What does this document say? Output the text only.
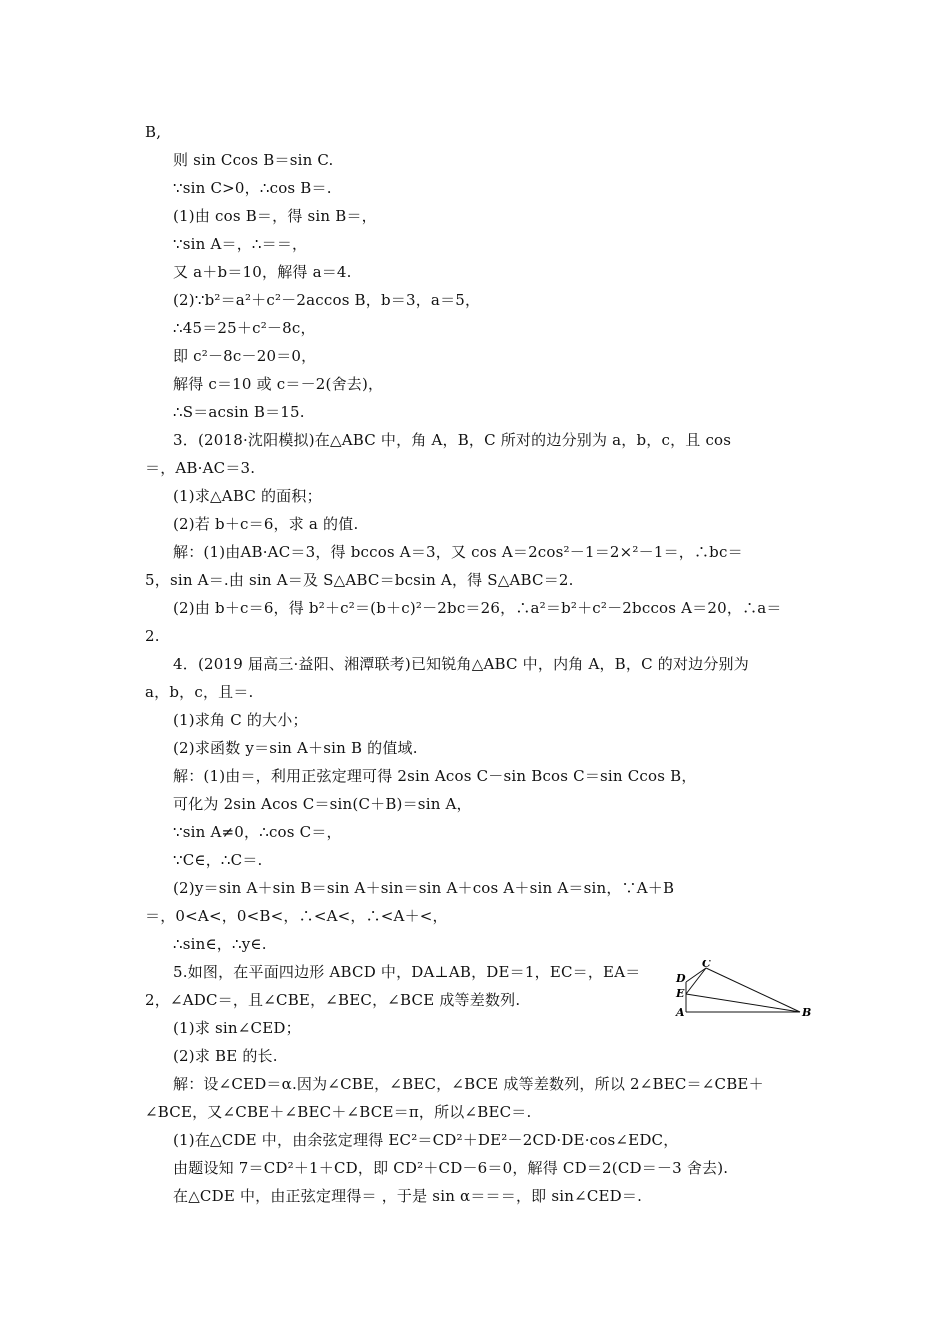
B,
则 sin Ccos B＝sin C.
∵sin C>0，∴cos B＝.
(1)由 cos B＝，得 sin B＝，
∵sin A＝，∴＝＝，
又 a＋b＝10，解得 a＝4.
(2)∵b²＝a²＋c²－2accos B，b＝3，a＝5，
∴45＝25＋c²－8c，
即 c²－8c－20＝0，
解得 c＝10 或 c＝－2(舍去)，
∴S＝acsin B＝15.
3．(2018·沈阳模拟)在△ABC 中，角 A，B，C 所对的边分别为 a，b，c，且 cos
＝，AB·AC＝3.
(1)求△ABC 的面积；
(2)若 b＋c＝6，求 a 的值.
解：(1)由AB·AC＝3，得 bccos A＝3，又 cos A＝2cos²－1＝2×²－1＝，∴bc＝
5，sin A＝.由 sin A＝及 S△ABC＝bcsin A，得 S△ABC＝2.
(2)由 b＋c＝6，得 b²＋c²＝(b＋c)²－2bc＝26，∴a²＝b²＋c²－2bccos A＝20，∴a＝
2.
4．(2019 届高三·益阳、湘潭联考)已知锐角△ABC 中，内角 A，B，C 的对边分别为
a，b，c，且＝.
(1)求角 C 的大小；
(2)求函数 y＝sin A＋sin B 的值域.
解：(1)由＝，利用正弦定理可得 2sin Acos C－sin Bcos C＝sin Ccos B，
可化为 2sin Acos C＝sin(C＋B)＝sin A，
∵sin A≠0，∴cos C＝，
∵C∈，∴C＝.
(2)y＝sin A＋sin B＝sin A＋sin＝sin A＋cos A＋sin A＝sin，∵A＋B
＝，0<A<，0<B<，∴<A<，∴<A＋<，
∴sin∈，∴y∈.
5.如图，在平面四边形 ABCD 中，DA⊥AB，DE＝1，EC＝，EA＝
2，∠ADC＝，且∠CBE，∠BEC，∠BCE 成等差数列.
(1)求 sin∠CED；
(2)求 BE 的长.
解：设∠CED＝α.因为∠CBE，∠BEC，∠BCE 成等差数列，所以 2∠BEC＝∠CBE＋
∠BCE，又∠CBE＋∠BEC＋∠BCE＝π，所以∠BEC＝.
(1)在△CDE 中，由余弦定理得 EC²＝CD²＋DE²－2CD·DE·cos∠EDC，
由题设知 7＝CD²＋1＋CD，即 CD²＋CD－6＝0，解得 CD＝2(CD＝－3 舍去).
在△CDE 中，由正弦定理得＝ ，于是 sin α＝＝＝，即 sin∠CED＝.
C
D
E
A	B
